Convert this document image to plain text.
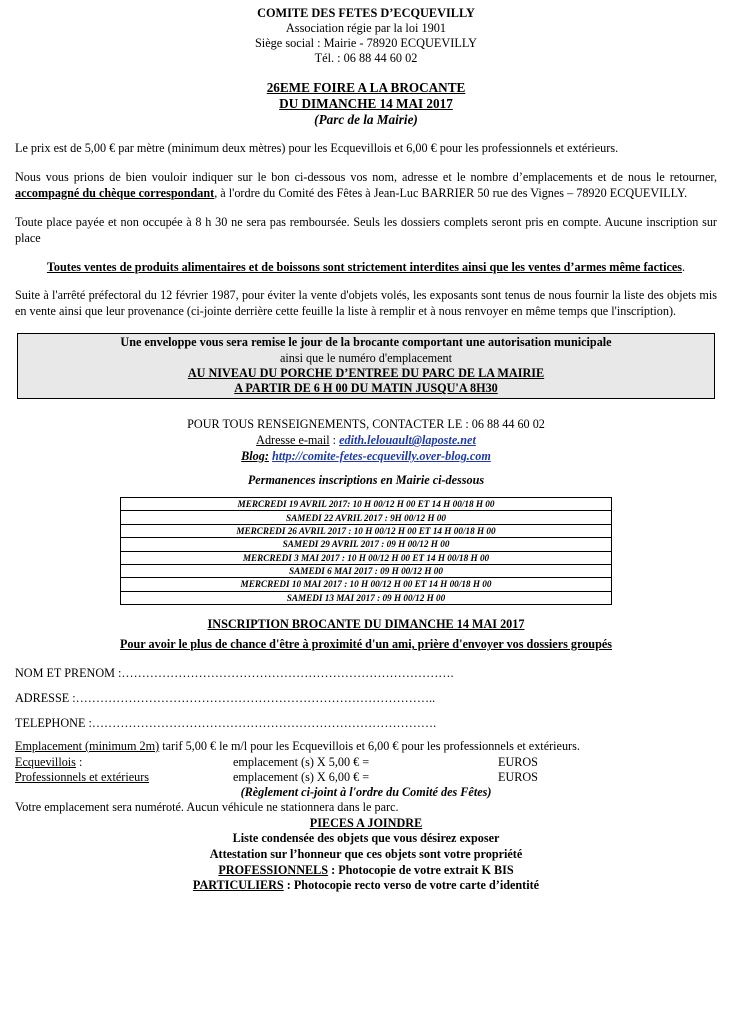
COMITE DES FETES D’ECQUEVILLY
Association régie par la loi 1901
Siège social : Mairie - 78920 ECQUEVILLY
Tél. : 06 88 44 60 02
26EME FOIRE A LA BROCANTE
DU DIMANCHE 14 MAI 2017
(Parc de la Mairie)

Le prix est de 5,00 € par mètre (minimum deux mètres) pour les Ecquevillois et 6,00 € pour les professionnels et extérieurs.

Nous vous prions de bien vouloir indiquer sur le bon ci-dessous vos nom, adresse et le nombre d’emplacements et de nous le retourner, accompagné du chèque correspondant, à l'ordre du Comité des Fêtes à Jean-Luc BARRIER 50 rue des Vignes – 78920 ECQUEVILLY.

Toute place payée et non occupée à 8 h 30 ne sera pas remboursée. Seuls les dossiers complets seront pris en compte. Aucune inscription sur place

Toutes ventes de produits alimentaires et de boissons sont strictement interdites ainsi que les ventes d’armes même factices.

Suite à l'arrêté préfectoral du 12 février 1987, pour éviter la vente d'objets volés, les exposants sont tenus de nous fournir la liste des objets mis en vente ainsi que leur provenance (ci-jointe derrière cette feuille la liste à remplir et à nous renvoyer en même temps que l'inscription).

Une enveloppe vous sera remise le jour de la brocante comportant une autorisation municipale
ainsi que le numéro d'emplacement
AU NIVEAU DU PORCHE D’ENTREE DU PARC DE LA MAIRIE
A PARTIR DE 6 H 00 DU MATIN JUSQU'A 8H30
POUR TOUS RENSEIGNEMENTS, CONTACTER LE : 06 88 44 60 02
Adresse e-mail : edith.lelouault@laposte.net
Blog: http://comite-fetes-ecquevilly.over-blog.com
Permanences inscriptions en Mairie ci-dessous
MERCREDI 19 AVRIL 2017: 10 H 00/12 H 00 ET 14 H 00/18 H 00
SAMEDI 22 AVRIL 2017 : 9H 00/12 H 00
MERCREDI 26 AVRIL 2017 : 10 H 00/12 H 00 ET 14 H 00/18 H 00
SAMEDI 29 AVRIL 2017 : 09 H 00/12 H 00
MERCREDI 3 MAI 2017 : 10 H 00/12 H 00 ET 14 H 00/18 H 00
SAMEDI 6 MAI 2017 : 09 H 00/12 H 00
MERCREDI 10 MAI 2017 : 10 H 00/12 H 00 ET 14 H 00/18 H 00
SAMEDI 13 MAI 2017 : 09 H 00/12 H 00
INSCRIPTION BROCANTE DU DIMANCHE 14 MAI 2017
Pour avoir le plus de chance d'être à proximité d'un ami, prière d'envoyer vos dossiers groupés

NOM ET PRENOM :……………………………………………………………………….

ADRESSE :……………………………………………………………………………..

TELEPHONE :………………………………………………………………………….

Emplacement (minimum 2m) tarif 5,00 € le m/l pour les Ecquevillois et 6,00 € pour les professionnels et extérieurs.

Ecquevillois :	emplacement (s) X 5,00 € =	EUROS
Professionnels et extérieurs	emplacement (s) X 6,00 € =	EUROS
(Règlement ci-joint à l'ordre du Comité des Fêtes)
Votre emplacement sera numéroté. Aucun véhicule ne stationnera dans le parc.
PIECES A JOINDRE
Liste condensée des objets que vous désirez exposer
Attestation sur l’honneur que ces objets sont votre propriété
PROFESSIONNELS : Photocopie de votre extrait K BIS
PARTICULIERS : Photocopie recto verso de votre carte d’identité
